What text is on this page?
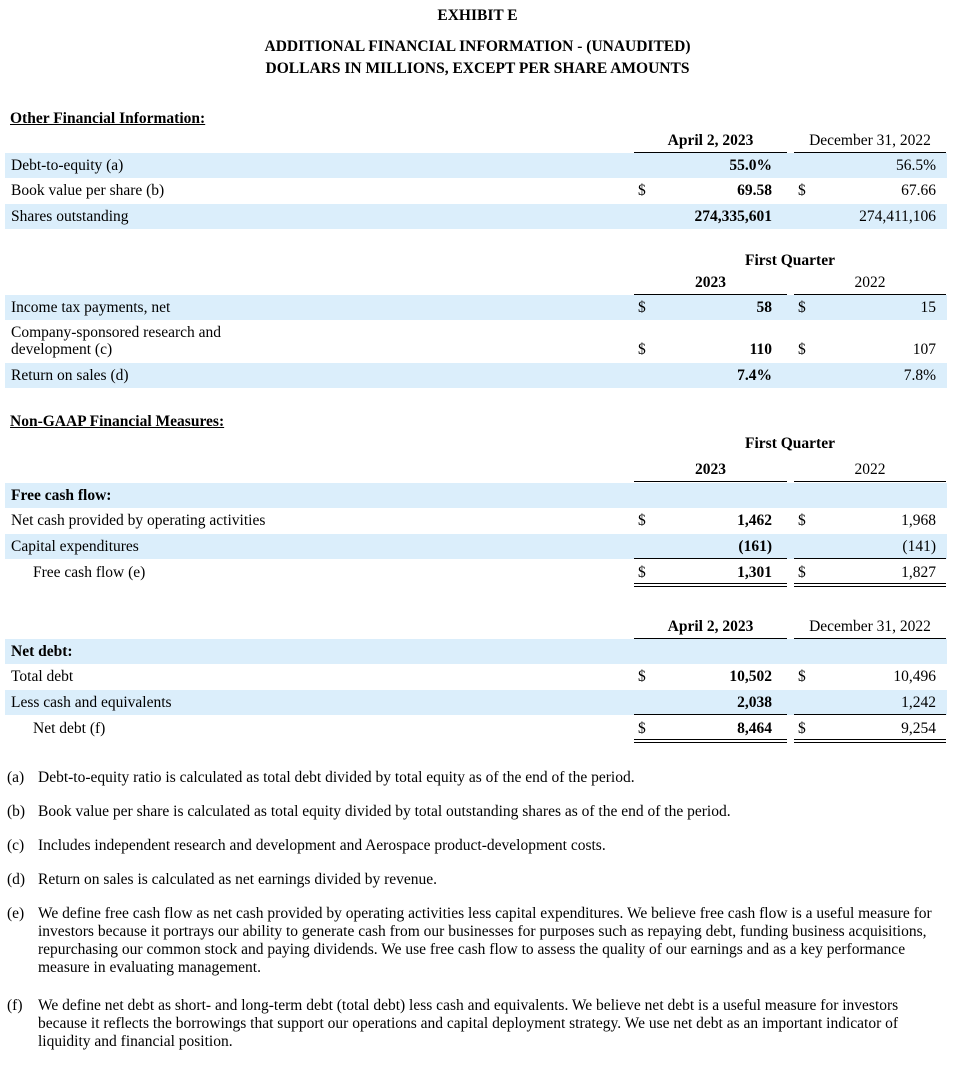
EXHIBIT E
ADDITIONAL FINANCIAL INFORMATION - (UNAUDITED)
DOLLARS IN MILLIONS, EXCEPT PER SHARE AMOUNTS
Other Financial Information:
April 2, 2023	December 31, 2022
Debt-to-equity (a)	55.0%	56.5%
Book value per share (b)	$	69.58 $	67.66
Shares outstanding	274,335,601	274,411,106
First Quarter
2023	2022
Income tax payments, net	$	58 $	15
Company-sponsored research and
development (c)	$	110 $	107
Return on sales (d)	7.4%	7.8%
Non-GAAP Financial Measures:
First Quarter
2023	2022
Free cash flow:
Net cash provided by operating activities	$	1,462 $	1,968
Capital expenditures	(161)	(141)
Free cash flow (e)	$	1,301 $	1,827
April 2, 2023	December 31, 2022
Net debt:
Total debt	$	10,502 $	10,496
Less cash and equivalents	2,038	1,242
Net debt (f)	$	8,464 $	9,254
(a) Debt-to-equity ratio is calculated as total debt divided by total equity as of the end of the period.
(b) Book value per share is calculated as total equity divided by total outstanding shares as of the end of the period.
(c) Includes independent research and development and Aerospace product-development costs.
(d) Return on sales is calculated as net earnings divided by revenue.
(e) We define free cash flow as net cash provided by operating activities less capital expenditures. We believe free cash flow is a useful measure for investors because it portrays our ability to generate cash from our businesses for purposes such as repaying debt, funding business acquisitions, repurchasing our common stock and paying dividends. We use free cash flow to assess the quality of our earnings and as a key performance measure in evaluating management.
(f) We define net debt as short- and long-term debt (total debt) less cash and equivalents. We believe net debt is a useful measure for investors because it reflects the borrowings that support our operations and capital deployment strategy. We use net debt as an important indicator of liquidity and financial position.
